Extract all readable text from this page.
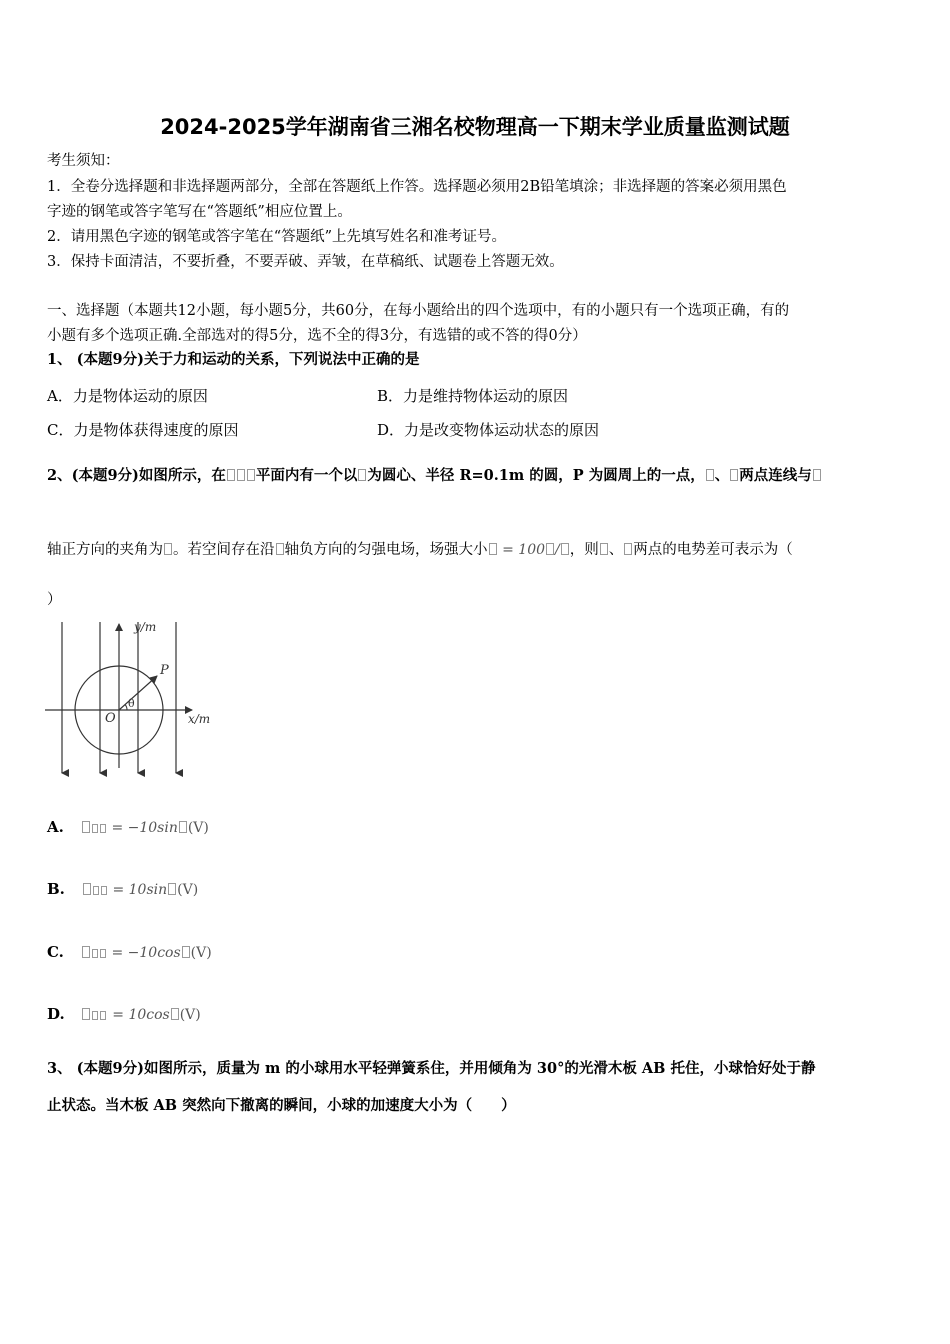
2024-2025学年湖南省三湘名校物理高一下期末学业质量监测试题
考生须知：
1．全卷分选择题和非选择题两部分，全部在答题纸上作答。选择题必须用2B铅笔填涂；非选择题的答案必须用黑色
字迹的钢笔或答字笔写在“答题纸”相应位置上。
2．请用黑色字迹的钢笔或答字笔在“答题纸”上先填写姓名和准考证号。
3．保持卡面清洁，不要折叠，不要弄破、弄皱，在草稿纸、试题卷上答题无效。
一、选择题（本题共12小题，每小题5分，共60分，在每小题给出的四个选项中，有的小题只有一个选项正确，有的
小题有多个选项正确.全部选对的得5分，选不全的得3分，有选错的或不答的得0分）
1、 (本题9分)关于力和运动的关系，下列说法中正确的是
A．力是物体运动的原因	B．力是维持物体运动的原因
C．力是物体获得速度的原因	D．力是改变物体运动状态的原因
2、(本题9分)如图所示，在 平面内有一个以 为圆心、半径 R=0.1m 的圆，P 为圆周上的一点， 、 两点连线与
轴正方向的夹角为 。若空间存在沿 轴负方向的匀强电场，场强大小 = 100 / ，则 、 两点的电势差可表示为（
）
y/m
x/m
O
P
θ
A.	= −10sin (V)
B.	= 10sin (V)
C.	= −10cos (V)
D.	= 10cos (V)
3、 (本题9分)如图所示，质量为 m 的小球用水平轻弹簧系住，并用倾角为 30°的光滑木板 AB 托住，小球恰好处于静
止状态。当木板 AB 突然向下撤离的瞬间，小球的加速度大小为（　　）
